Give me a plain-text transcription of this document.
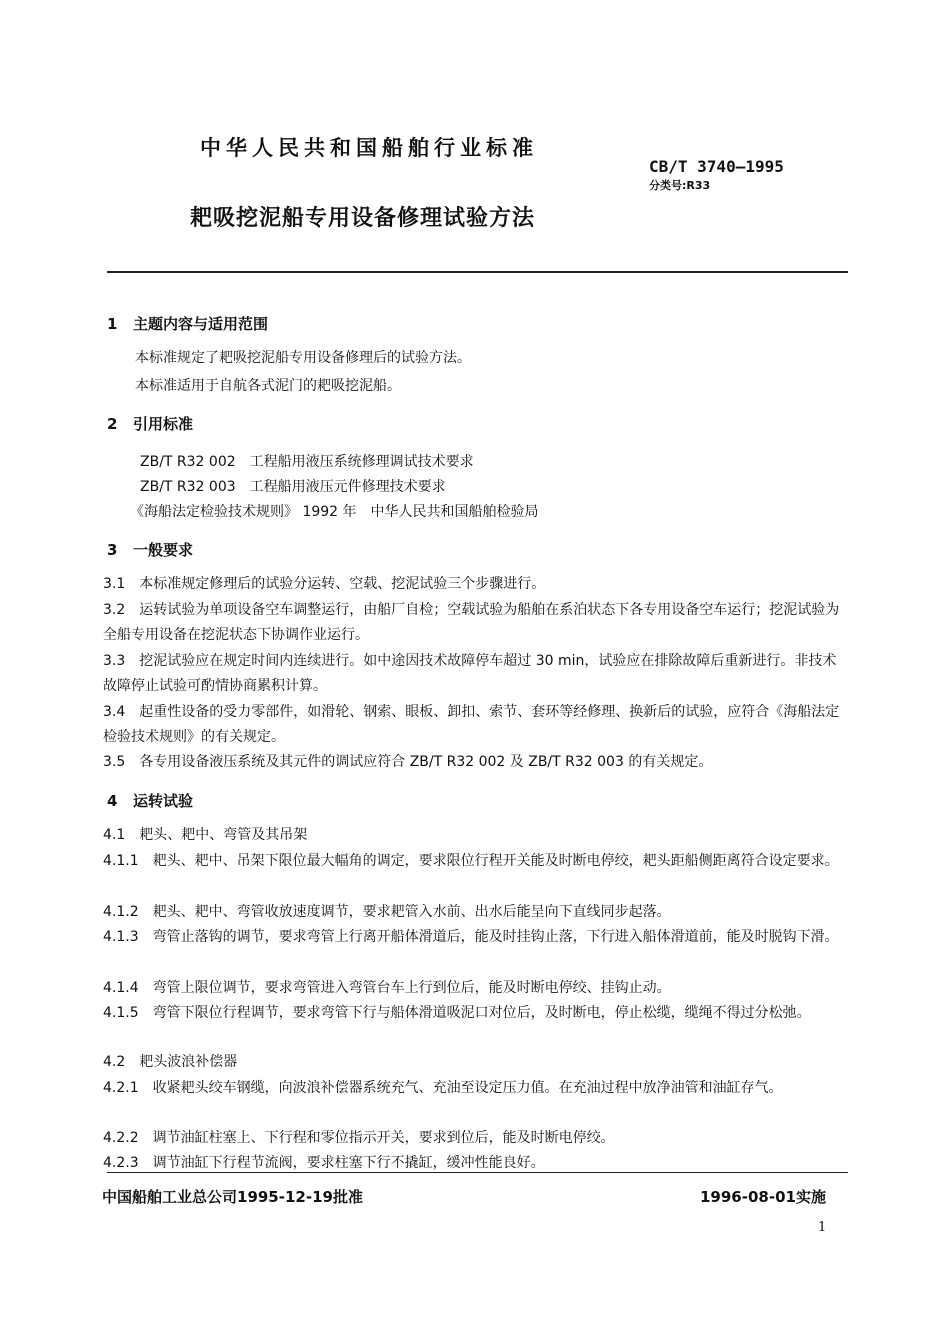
中华人民共和国船舶行业标准
CB/T 3740—1995
分类号:R33
耙吸挖泥船专用设备修理试验方法
1 主题内容与适用范围
本标准规定了耙吸挖泥船专用设备修理后的试验方法。
本标准适用于自航各式泥门的耙吸挖泥船。
2 引用标准
ZB/T R32 002　工程船用液压系统修理调试技术要求
ZB/T R32 003　工程船用液压元件修理技术要求
《海船法定检验技术规则》 1992 年　中华人民共和国船舶检验局
3 一般要求
3.1　本标准规定修理后的试验分运转、空载、挖泥试验三个步骤进行。
3.2　运转试验为单项设备空车调整运行，由船厂自检；空载试验为船舶在系泊状态下各专用设备空车运行；挖泥试验为全船专用设备在挖泥状态下协调作业运行。
3.3　挖泥试验应在规定时间内连续进行。如中途因技术故障停车超过 30 min，试验应在排除故障后重新进行。非技术故障停止试验可酌情协商累积计算。
3.4　起重性设备的受力零部件，如滑轮、钢索、眼板、卸扣、索节、套环等经修理、换新后的试验，应符合《海船法定检验技术规则》的有关规定。
3.5　各专用设备液压系统及其元件的调试应符合 ZB/T R32 002 及 ZB/T R32 003 的有关规定。
4 运转试验
4.1　耙头、耙中、弯管及其吊架
4.1.1　耙头、耙中、吊架下限位最大幅角的调定，要求限位行程开关能及时断电停绞，耙头距船侧距离符合设定要求。
4.1.2　耙头、耙中、弯管收放速度调节，要求耙管入水前、出水后能呈向下直线同步起落。
4.1.3　弯管止落钩的调节，要求弯管上行离开船体滑道后，能及时挂钩止落，下行进入船体滑道前，能及时脱钩下滑。
4.1.4　弯管上限位调节，要求弯管进入弯管台车上行到位后，能及时断电停绞、挂钩止动。
4.1.5　弯管下限位行程调节，要求弯管下行与船体滑道吸泥口对位后，及时断电，停止松缆，缆绳不得过分松弛。
4.2　耙头波浪补偿器
4.2.1　收紧耙头绞车钢缆，向波浪补偿器系统充气、充油至设定压力值。在充油过程中放净油管和油缸存气。
4.2.2　调节油缸柱塞上、下行程和零位指示开关，要求到位后，能及时断电停绞。
4.2.3　调节油缸下行程节流阀，要求柱塞下行不撬缸，缓冲性能良好。
中国船舶工业总公司1995-12-19批准	1996-08-01实施
1
